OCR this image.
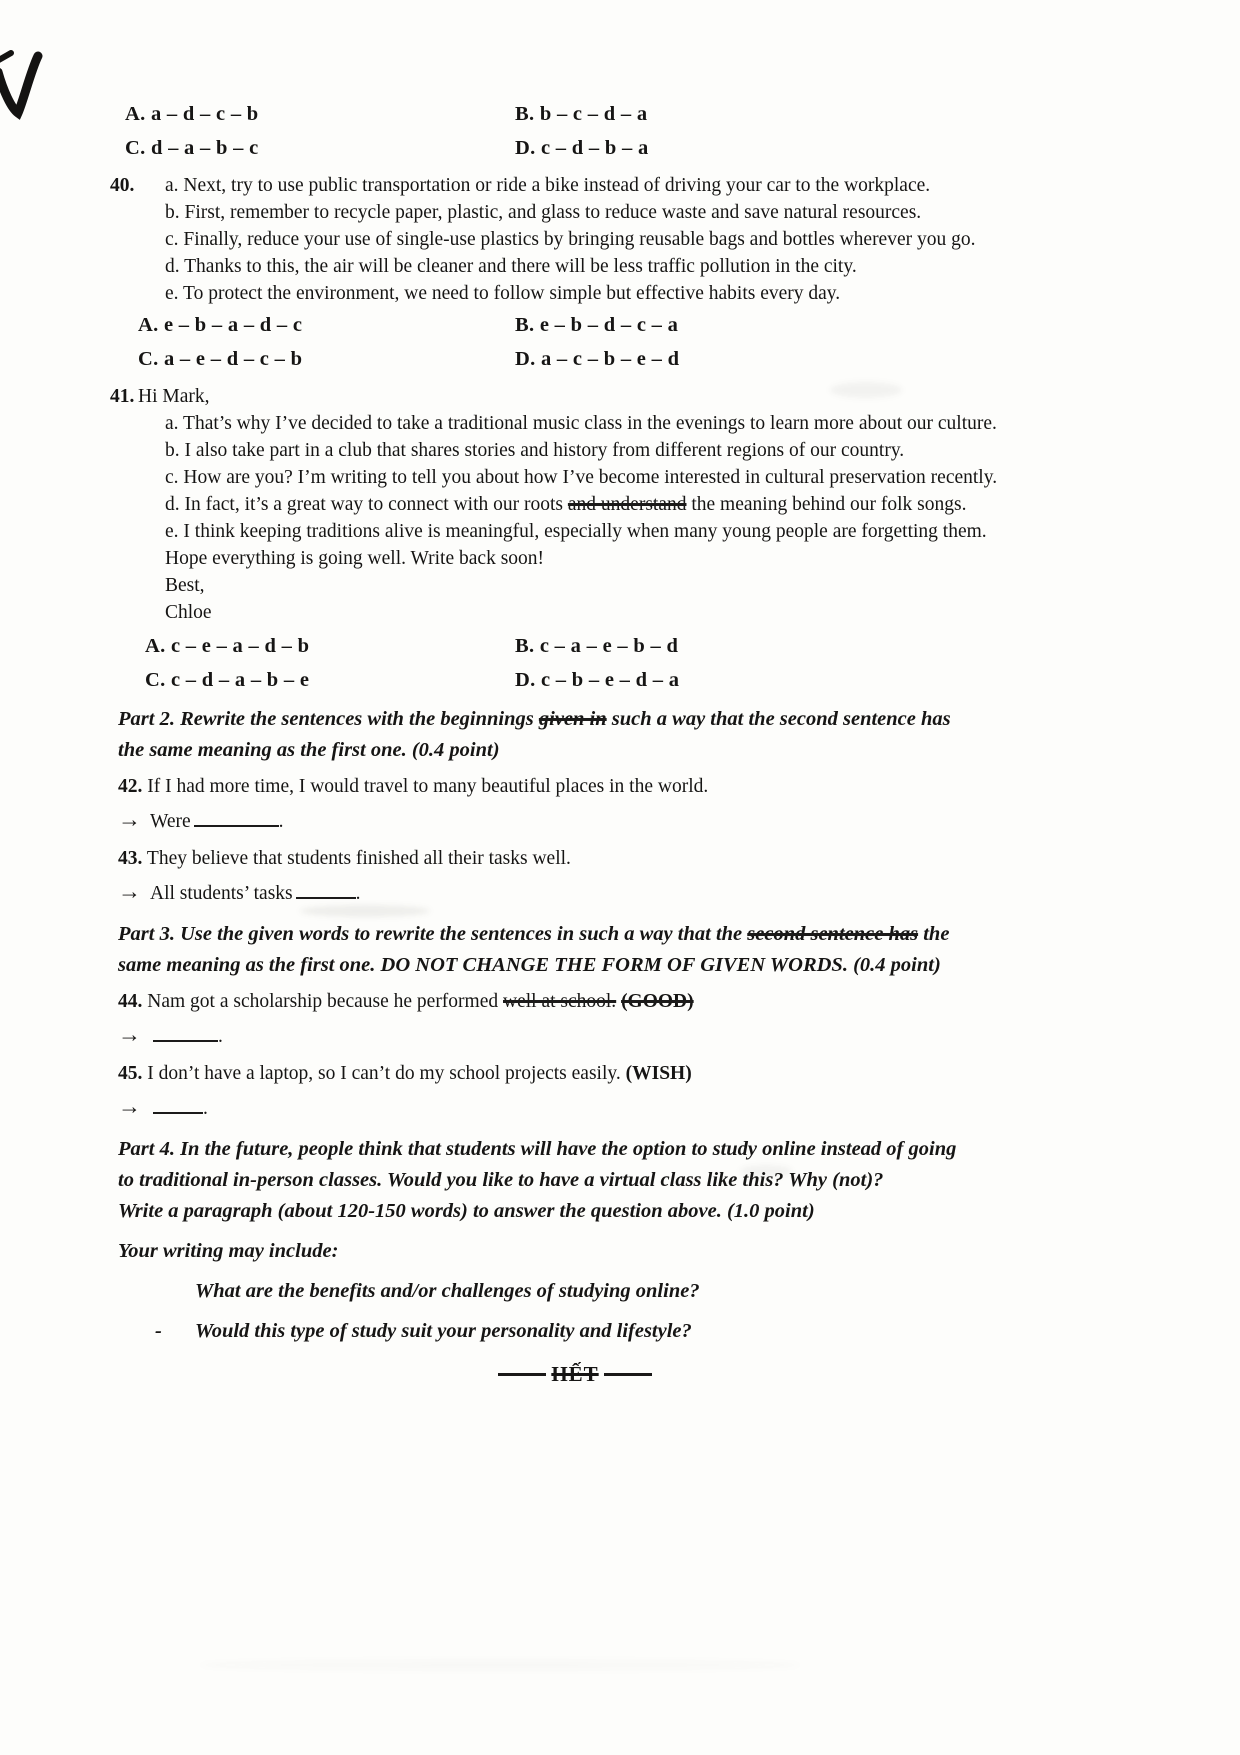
A. a – d – c – b	B. b – c – d – a
C. d – a – b – c	D. c – d – b – a
40. a. Next, try to use public transportation or ride a bike instead of driving your car to the workplace.
b. First, remember to recycle paper, plastic, and glass to reduce waste and save natural resources.
c. Finally, reduce your use of single-use plastics by bringing reusable bags and bottles wherever you go.
d. Thanks to this, the air will be cleaner and there will be less traffic pollution in the city.
e. To protect the environment, we need to follow simple but effective habits every day.
A. e – b – a – d – c	B. e – b – d – c – a
C. a – e – d – c – b	D. a – c – b – e – d
41. Hi Mark,
a. That’s why I’ve decided to take a traditional music class in the evenings to learn more about our culture.
b. I also take part in a club that shares stories and history from different regions of our country.
c. How are you? I’m writing to tell you about how I’ve become interested in cultural preservation recently.
d. In fact, it’s a great way to connect with our roots and understand the meaning behind our folk songs.
e. I think keeping traditions alive is meaningful, especially when many young people are forgetting them.
Hope everything is going well. Write back soon!
Best,
Chloe
A. c – e – a – d – b	B. c – a – e – b – d
C. c – d – a – b – e	D. c – b – e – d – a
Part 2. Rewrite the sentences with the beginnings given in such a way that the second sentence has
the same meaning as the first one. (0.4 point)
42. If I had more time, I would travel to many beautiful places in the world.
→ Were	.
43. They believe that students finished all their tasks well.
→ All students’ tasks	.
Part 3. Use the given words to rewrite the sentences in such a way that the second sentence has the
same meaning as the first one. DO NOT CHANGE THE FORM OF GIVEN WORDS. (0.4 point)
44. Nam got a scholarship because he performed well at school. (GOOD)
→	.
45. I don’t have a laptop, so I can’t do my school projects easily. (WISH)
→	.
Part 4. In the future, people think that students will have the option to study online instead of going
to traditional in-person classes. Would you like to have a virtual class like this? Why (not)?
Write a paragraph (about 120-150 words) to answer the question above. (1.0 point)
Your writing may include:
What are the benefits and/or challenges of studying online?
- Would this type of study suit your personality and lifestyle?
HẾT
